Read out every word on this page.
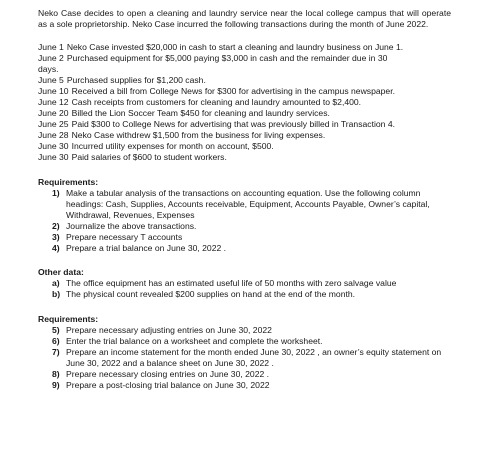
Neko Case decides to open a cleaning and laundry service near the local college campus that will operate as a sole proprietorship. Neko Case incurred the following transactions during the month of June 2022.

June 1 Neko Case invested $20,000 in cash to start a cleaning and laundry business on June 1.
June 2 Purchased equipment for $5,000 paying $3,000 in cash and the remainder due in 30
days.
June 5 Purchased supplies for $1,200 cash.
June 10 Received a bill from College News for $300 for advertising in the campus newspaper.
June 12 Cash receipts from customers for cleaning and laundry amounted to $2,400.
June 20 Billed the Lion Soccer Team $450 for cleaning and laundry services.
June 25 Paid $300 to College News for advertising that was previously billed in Transaction 4.
June 28 Neko Case withdrew $1,500 from the business for living expenses.
June 30 Incurred utility expenses for month on account, $500.
June 30 Paid salaries of $600 to student workers.
Requirements:
1) Make a tabular analysis of the transactions on accounting equation. Use the following column headings: Cash, Supplies, Accounts receivable, Equipment, Accounts Payable, Owner’s capital, Withdrawal, Revenues, Expenses
2) Journalize the above transactions.
3) Prepare necessary T accounts
4) Prepare a trial balance on June 30, 2022 .
Other data:
a) The office equipment has an estimated useful life of 50 months with zero salvage value
b) The physical count revealed $200 supplies on hand at the end of the month.
Requirements:
5) Prepare necessary adjusting entries on June 30, 2022
6) Enter the trial balance on a worksheet and complete the worksheet.
7) Prepare an income statement for the month ended June 30, 2022 , an owner’s equity statement on June 30, 2022 and a balance sheet on June 30, 2022 .
8) Prepare necessary closing entries on June 30, 2022 .
9) Prepare a post-closing trial balance on June 30, 2022
